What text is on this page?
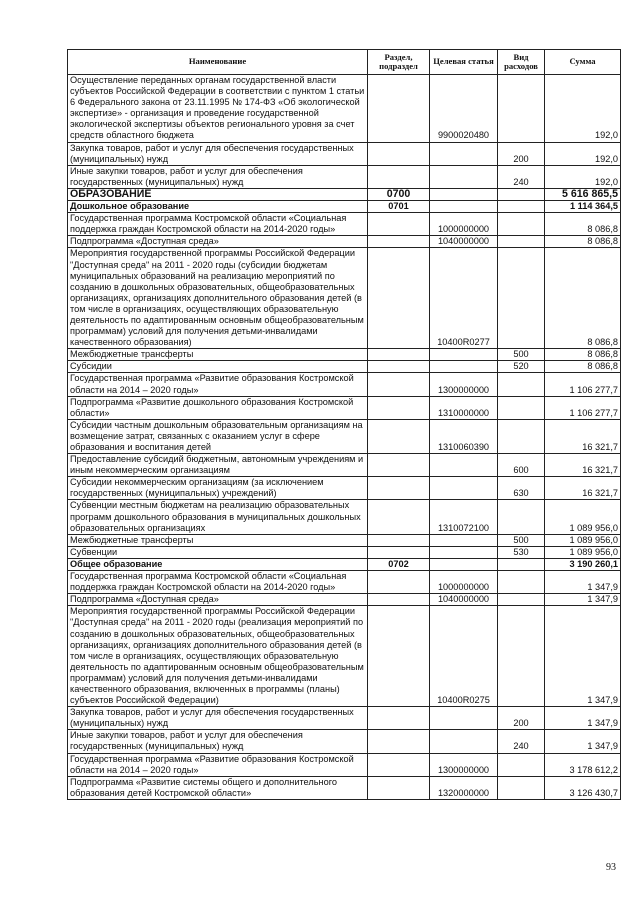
Наименование	Раздел, подраздел	Целевая статья	Вид расходов	Сумма
Осуществление переданных органам государственной власти субъектов Российской Федерации в соответствии с пунктом 1 статьи 6 Федерального закона от 23.11.1995 № 174-ФЗ «Об экологической экспертизе» - организация и проведение государственной экологической экспертизы объектов регионального уровня за счет средств областного бюджета		9900020480		192,0
Закупка товаров, работ и услуг для обеспечения государственных (муниципальных) нужд			200	192,0
Иные закупки товаров, работ и услуг для обеспечения государственных (муниципальных) нужд			240	192,0
ОБРАЗОВАНИЕ	0700			5 616 865,5
Дошкольное образование	0701			1 114 364,5
Государственная программа Костромской области «Социальная поддержка граждан Костромской области на 2014-2020 годы»		1000000000		8 086,8
Подпрограмма «Доступная среда»		1040000000		8 086,8
Мероприятия государственной программы Российской Федерации "Доступная среда" на 2011 - 2020 годы (субсидии бюджетам муниципальных образований на реализацию мероприятий по созданию в дошкольных образовательных, общеобразовательных организациях, организациях дополнительного образования детей (в том числе в организациях, осуществляющих образовательную деятельность по адаптированным основным общеобразовательным программам) условий для получения детьми-инвалидами качественного образования)		10400R0277		8 086,8
Межбюджетные трансферты			500	8 086,8
Субсидии			520	8 086,8
Государственная программа «Развитие образования Костромской области на 2014 – 2020 годы»		1300000000		1 106 277,7
Подпрограмма «Развитие дошкольного образования Костромской области»		1310000000		1 106 277,7
Субсидии частным дошкольным образовательным организациям на возмещение затрат, связанных с оказанием услуг в сфере образования и воспитания детей		1310060390		16 321,7
Предоставление субсидий бюджетным, автономным учреждениям и иным некоммерческим организациям			600	16 321,7
Субсидии некоммерческим организациям (за исключением государственных (муниципальных) учреждений)			630	16 321,7
Субвенции местным бюджетам на реализацию образовательных программ дошкольного образования в муниципальных дошкольных образовательных организациях		1310072100		1 089 956,0
Межбюджетные трансферты			500	1 089 956,0
Субвенции			530	1 089 956,0
Общее образование	0702			3 190 260,1
Государственная программа Костромской области «Социальная поддержка граждан Костромской области на 2014-2020 годы»		1000000000		1 347,9
Подпрограмма «Доступная среда»		1040000000		1 347,9
Мероприятия государственной программы Российской Федерации "Доступная среда" на 2011 - 2020 годы (реализация мероприятий по созданию в дошкольных образовательных, общеобразовательных организациях, организациях дополнительного образования детей (в том числе в организациях, осуществляющих образовательную деятельность по адаптированным основным общеобразовательным программам) условий для получения детьми-инвалидами качественного образования, включенных в программы (планы) субъектов Российской Федерации)		10400R0275		1 347,9
Закупка товаров, работ и услуг для обеспечения государственных (муниципальных) нужд			200	1 347,9
Иные закупки товаров, работ и услуг для обеспечения государственных (муниципальных) нужд			240	1 347,9
Государственная программа «Развитие образования Костромской области на 2014 – 2020 годы»		1300000000		3 178 612,2
Подпрограмма «Развитие системы общего и дополнительного образования детей Костромской области»		1320000000		3 126 430,7
93
